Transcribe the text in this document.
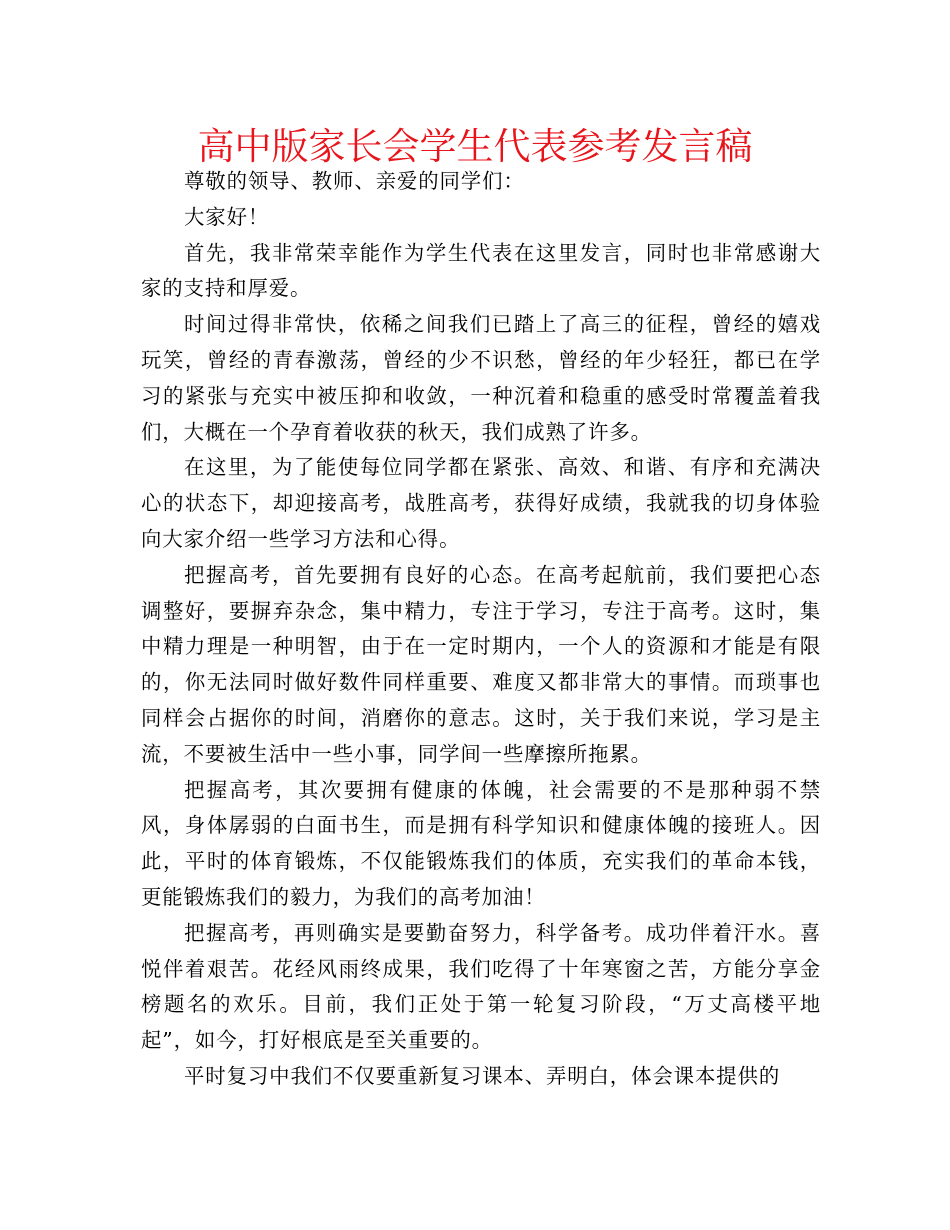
高中版家长会学生代表参考发言稿

尊敬的领导、教师、亲爱的同学们：

大家好！

首先，我非常荣幸能作为学生代表在这里发言，同时也非常感谢大家的支持和厚爱。

时间过得非常快，依稀之间我们已踏上了高三的征程，曾经的嬉戏玩笑，曾经的青春激荡，曾经的少不识愁，曾经的年少轻狂，都已在学习的紧张与充实中被压抑和收敛，一种沉着和稳重的感受时常覆盖着我们，大概在一个孕育着收获的秋天，我们成熟了许多。

在这里，为了能使每位同学都在紧张、高效、和谐、有序和充满决心的状态下，却迎接高考，战胜高考，获得好成绩，我就我的切身体验向大家介绍一些学习方法和心得。

把握高考，首先要拥有良好的心态。在高考起航前，我们要把心态调整好，要摒弃杂念，集中精力，专注于学习，专注于高考。这时，集中精力理是一种明智，由于在一定时期内，一个人的资源和才能是有限的，你无法同时做好数件同样重要、难度又都非常大的事情。而琐事也同样会占据你的时间，消磨你的意志。这时，关于我们来说，学习是主流，不要被生活中一些小事，同学间一些摩擦所拖累。

把握高考，其次要拥有健康的体魄，社会需要的不是那种弱不禁风，身体孱弱的白面书生，而是拥有科学知识和健康体魄的接班人。因此，平时的体育锻炼，不仅能锻炼我们的体质，充实我们的革命本钱，更能锻炼我们的毅力，为我们的高考加油！

把握高考，再则确实是要勤奋努力，科学备考。成功伴着汗水。喜悦伴着艰苦。花经风雨终成果，我们吃得了十年寒窗之苦，方能分享金榜题名的欢乐。目前，我们正处于第一轮复习阶段，“万丈高楼平地起”，如今，打好根底是至关重要的。

平时复习中我们不仅要重新复习课本、弄明白，体会课本提供的
